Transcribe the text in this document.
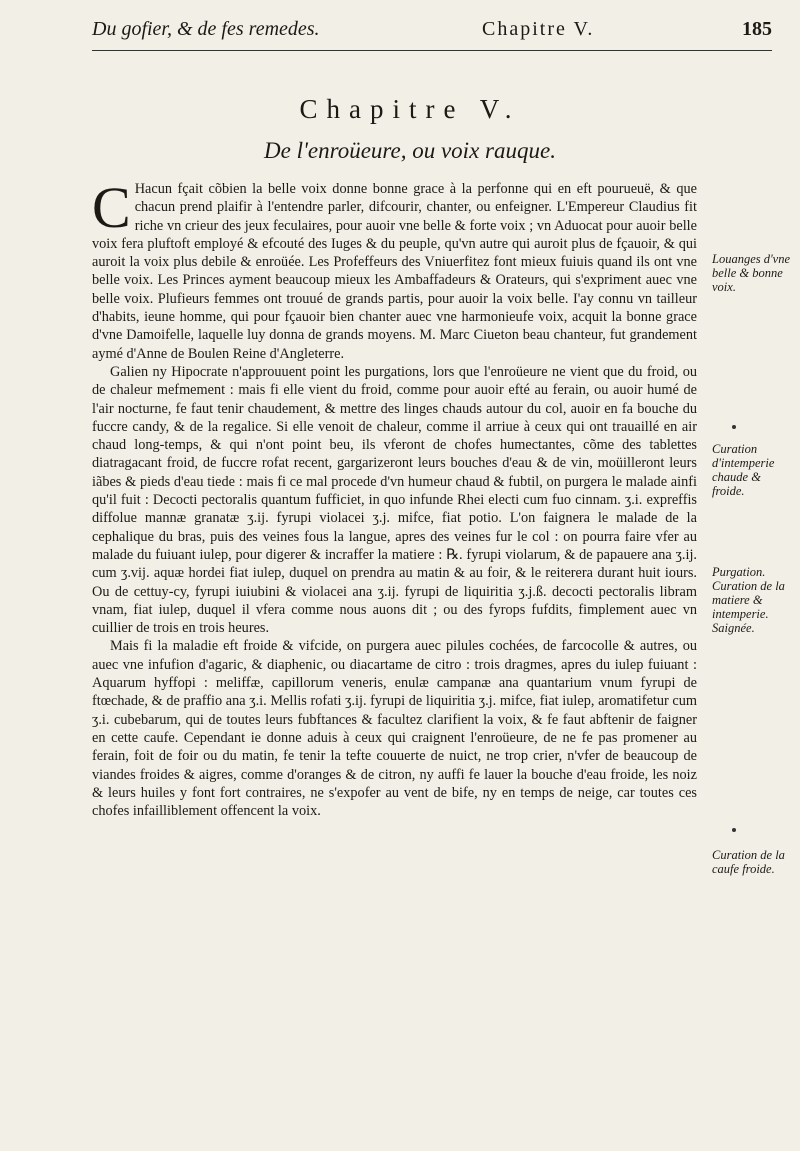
Du gofier, & de fes remedes.	Chapitre V.	185
Chapitre V.
De l'enroüeure, ou voix rauque.

C Hacun fçait cõbien la belle voix donne bonne grace à la perfonne qui en eft pourueuë, & que chacun prend plaifir à l'entendre parler, difcourir, chanter, ou enfeigner. L'Empereur Claudius fit riche vn crieur des jeux feculaires, pour auoir vne belle & forte voix ; vn Aduocat pour auoir belle voix fera pluftoft employé & efcouté des Iuges & du peuple, qu'vn autre qui auroit plus de fçauoir, & qui auroit la voix plus debile & enroüée. Les Profeffeurs des Vniuerfitez font mieux fuiuis quand ils ont vne belle voix. Les Princes ayment beaucoup mieux les Ambaffadeurs & Orateurs, qui s'expriment auec vne belle voix. Plufieurs femmes ont trouué de grands partis, pour auoir la voix belle. I'ay connu vn tailleur d'habits, ieune homme, qui pour fçauoir bien chanter auec vne harmonieufe voix, acquit la bonne grace d'vne Damoifelle, laquelle luy donna de grands moyens. M. Marc Ciueton beau chanteur, fut grandement aymé d'Anne de Boulen Reine d'Angleterre.

Galien ny Hipocrate n'approuuent point les purgations, lors que l'enroüeure ne vient que du froid, ou de chaleur mefmement : mais fi elle vient du froid, comme pour auoir efté au ferain, ou auoir humé de l'air nocturne, fe faut tenir chaudement, & mettre des linges chauds autour du col, auoir en fa bouche du fuccre candy, & de la regalice. Si elle venoit de chaleur, comme il arriue à ceux qui ont trauaillé en air chaud long-temps, & qui n'ont point beu, ils vferont de chofes humectantes, cõme des tablettes diatragacant froid, de fuccre rofat recent, gargarizeront leurs bouches d'eau & de vin, moüilleront leurs iãbes & pieds d'eau tiede : mais fi ce mal procede d'vn humeur chaud & fubtil, on purgera le malade ainfi qu'il fuit : Decocti pectoralis quantum fufficiet, in quo infunde Rhei electi cum fuo cinnam. ʒ.i. expreffis diffolue mannæ granatæ ʒ.ij. fyrupi violacei ʒ.j. mifce, fiat potio. L'on faignera le malade de la cephalique du bras, puis des veines fous la langue, apres des veines fur le col : on pourra faire vfer au malade du fuiuant iulep, pour digerer & incraffer la matiere : ℞. fyrupi violarum, & de papauere ana ʒ.ij. cum ʒ.vij. aquæ hordei fiat iulep, duquel on prendra au matin & au foir, & le reiterera durant huit iours. Ou de cettuy-cy, fyrupi iuiubini & violacei ana ʒ.ij. fyrupi de liquiritia ʒ.j.ß. decocti pectoralis libram vnam, fiat iulep, duquel il vfera comme nous auons dit ; ou des fyrops fufdits, fimplement auec vn cuillier de trois en trois heures.

Mais fi la maladie eft froide & vifcide, on purgera auec pilules cochées, de farcocolle & autres, ou auec vne infufion d'agaric, & diaphenic, ou diacartame de citro : trois dragmes, apres du iulep fuiuant : Aquarum hyffopi : meliffæ, capillorum veneris, enulæ campanæ ana quantarium vnum fyrupi de ftœchade, & de praffio ana ʒ.i. Mellis rofati ʒ.ij. fyrupi de liquiritia ʒ.j. mifce, fiat iulep, aromatifetur cum ʒ.i. cubebarum, qui de toutes leurs fubftances & facultez clarifient la voix, & fe faut abftenir de faigner en cette caufe. Cependant ie donne aduis à ceux qui craignent l'enroüeure, de ne fe pas promener au ferain, foit de foir ou du matin, fe tenir la tefte couuerte de nuict, ne trop crier, n'vfer de beaucoup de viandes froides & aigres, comme d'oranges & de citron, ny auffi fe lauer la bouche d'eau froide, les noiz & leurs huiles y font fort contraires, ne s'expofer au vent de bife, ny en temps de neige, car toutes ces chofes infailliblement offencent la voix.

Louanges d'vne belle & bonne voix.
Curation d'intemperie chaude & froide.
Purgation. Curation de la matiere & intemperie. Saignée.
Curation de la caufe froide.
